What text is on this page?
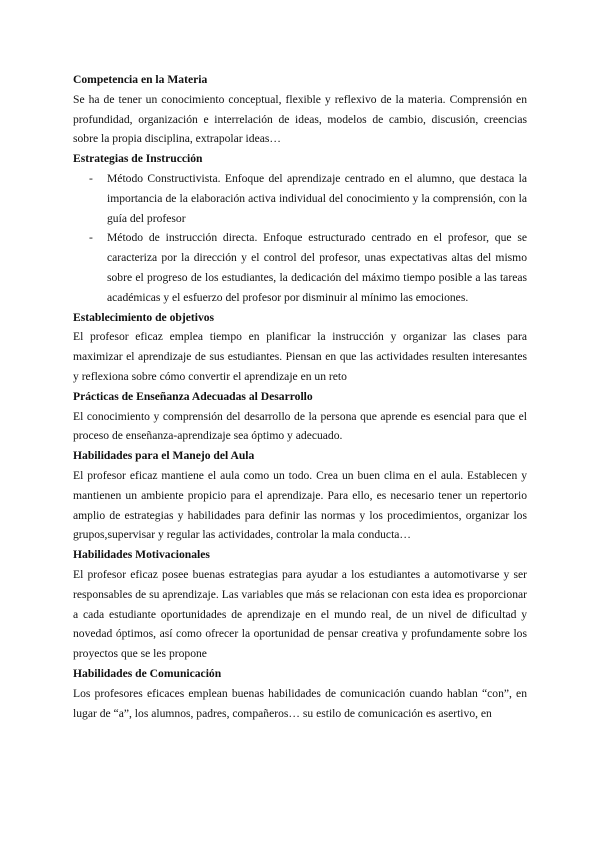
Competencia en la Materia

Se ha de tener un conocimiento conceptual, flexible y reflexivo de la materia. Comprensión en profundidad, organización e interrelación de ideas, modelos de cambio, discusión, creencias sobre la propia disciplina, extrapolar ideas…

Estrategias de Instrucción
- Método Constructivista. Enfoque del aprendizaje centrado en el alumno, que destaca la importancia de la elaboración activa individual del conocimiento y la comprensión, con la guía del profesor
- Método de instrucción directa. Enfoque estructurado centrado en el profesor, que se caracteriza por la dirección y el control del profesor, unas expectativas altas del mismo sobre el progreso de los estudiantes, la dedicación del máximo tiempo posible a las tareas académicas y el esfuerzo del profesor por disminuir al mínimo las emociones.
Establecimiento de objetivos

El profesor eficaz emplea tiempo en planificar la instrucción y organizar las clases para maximizar el aprendizaje de sus estudiantes. Piensan en que las actividades resulten interesantes y reflexiona sobre cómo convertir el aprendizaje en un reto

Prácticas de Enseñanza Adecuadas al Desarrollo

El conocimiento y comprensión del desarrollo de la persona que aprende es esencial para que el proceso de enseñanza-aprendizaje sea óptimo y adecuado.

Habilidades para el Manejo del Aula

El profesor eficaz mantiene el aula como un todo. Crea un buen clima en el aula. Establecen y mantienen un ambiente propicio para el aprendizaje. Para ello, es necesario tener un repertorio amplio de estrategias y habilidades para definir las normas y los procedimientos, organizar los grupos,supervisar y regular las actividades, controlar la mala conducta…

Habilidades Motivacionales

El profesor eficaz posee buenas estrategias para ayudar a los estudiantes a automotivarse y ser responsables de su aprendizaje. Las variables que más se relacionan con esta idea es proporcionar a cada estudiante oportunidades de aprendizaje en el mundo real, de un nivel de dificultad y novedad óptimos, así como ofrecer la oportunidad de pensar creativa y profundamente sobre los proyectos que se les propone

Habilidades de Comunicación

Los profesores eficaces emplean buenas habilidades de comunicación cuando hablan “con”, en lugar de “a”, los alumnos, padres, compañeros… su estilo de comunicación es asertivo, en
